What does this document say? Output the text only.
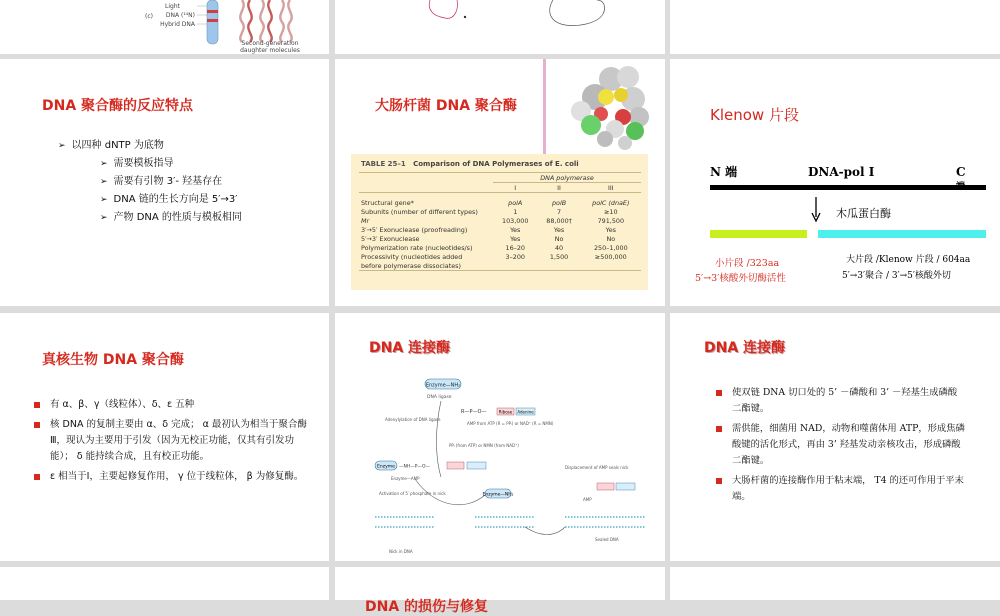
Light
DNA (¹⁴N)
(c)
Hybrid DNA
Second-generation
daughter molecules
DNA 聚合酶的反应特点
➢ 以四种 dNTP 为底物
➢ 需要模板指导
➢ 需要有引物 3′- 羟基存在
➢ DNA 链的生长方向是 5′→3′
➢ 产物 DNA 的性质与模板相同
大肠杆菌 DNA 聚合酶
TABLE 25–1 Comparison of DNA Polymerases of E. coli
	DNA polymerase		
	I	II	III

Structural gene*	polA	polB	polC (dnaE)
Subunits (number of different types)	1	7	≥10
Mr	103,000	88,000†	791,500
3′→5′ Exonuclease (proofreading)	Yes	Yes	Yes
5′→3′ Exonuclease	Yes	No	No
Polymerization rate (nucleotides/s)	16–20	40	250–1,000
Processivity (nucleotides added	3–200	1,500	≥500,000
before polymerase dissociates)			
Klenow 片段
N 端	DNA-pol Ⅰ	C
木瓜蛋白酶
小片段 /323aa
5′→3′核酸外切酶活性
大片段 /Klenow 片段 / 604aa
5′→3′聚合 / 3′→5′核酸外切
真核生物 DNA 聚合酶
有 α、β、γ（线粒体）、δ、ε 五种
核 DNA 的复制主要由 α、δ 完成； α 最初认为相当于聚合酶Ⅲ，现认为主要用于引发（因为无校正功能，仅其有引发功能）； δ 能持续合成，且有校正功能。
ε 相当于Ⅰ，主要起修复作用， γ 位于线粒体， β 为修复酶。
DNA 连接酶
Enzyme—NH₂
DNA ligase
Adenylylation of DNA ligase
R—P—O—	Ribose Adenine
AMP from ATP (R = PPᵢ) or NAD⁺ (R = NMN)
PPᵢ (from ATP) or NMN (from NAD⁺)
Enzyme —NH—P—O—
Enzyme—AMP
Activation of 5′ phosphate in nick	Enzyme—NH₂
Displacement of AMP seals nick
AMP
Nick in DNA
Sealed DNA
DNA 连接酶
使双链 DNA 切口处的 5’ －磷酸和 3’ －羟基生成磷酸二酯键。
需供能，细菌用 NAD，动物和噬菌体用 ATP，形成焦磷酸键的活化形式，再由 3’ 羟基发动亲核攻击，形成磷酸二酯键。
大肠杆菌的连接酶作用于粘末端， T4 的还可作用于平末端。
DNA 的损伤与修复
